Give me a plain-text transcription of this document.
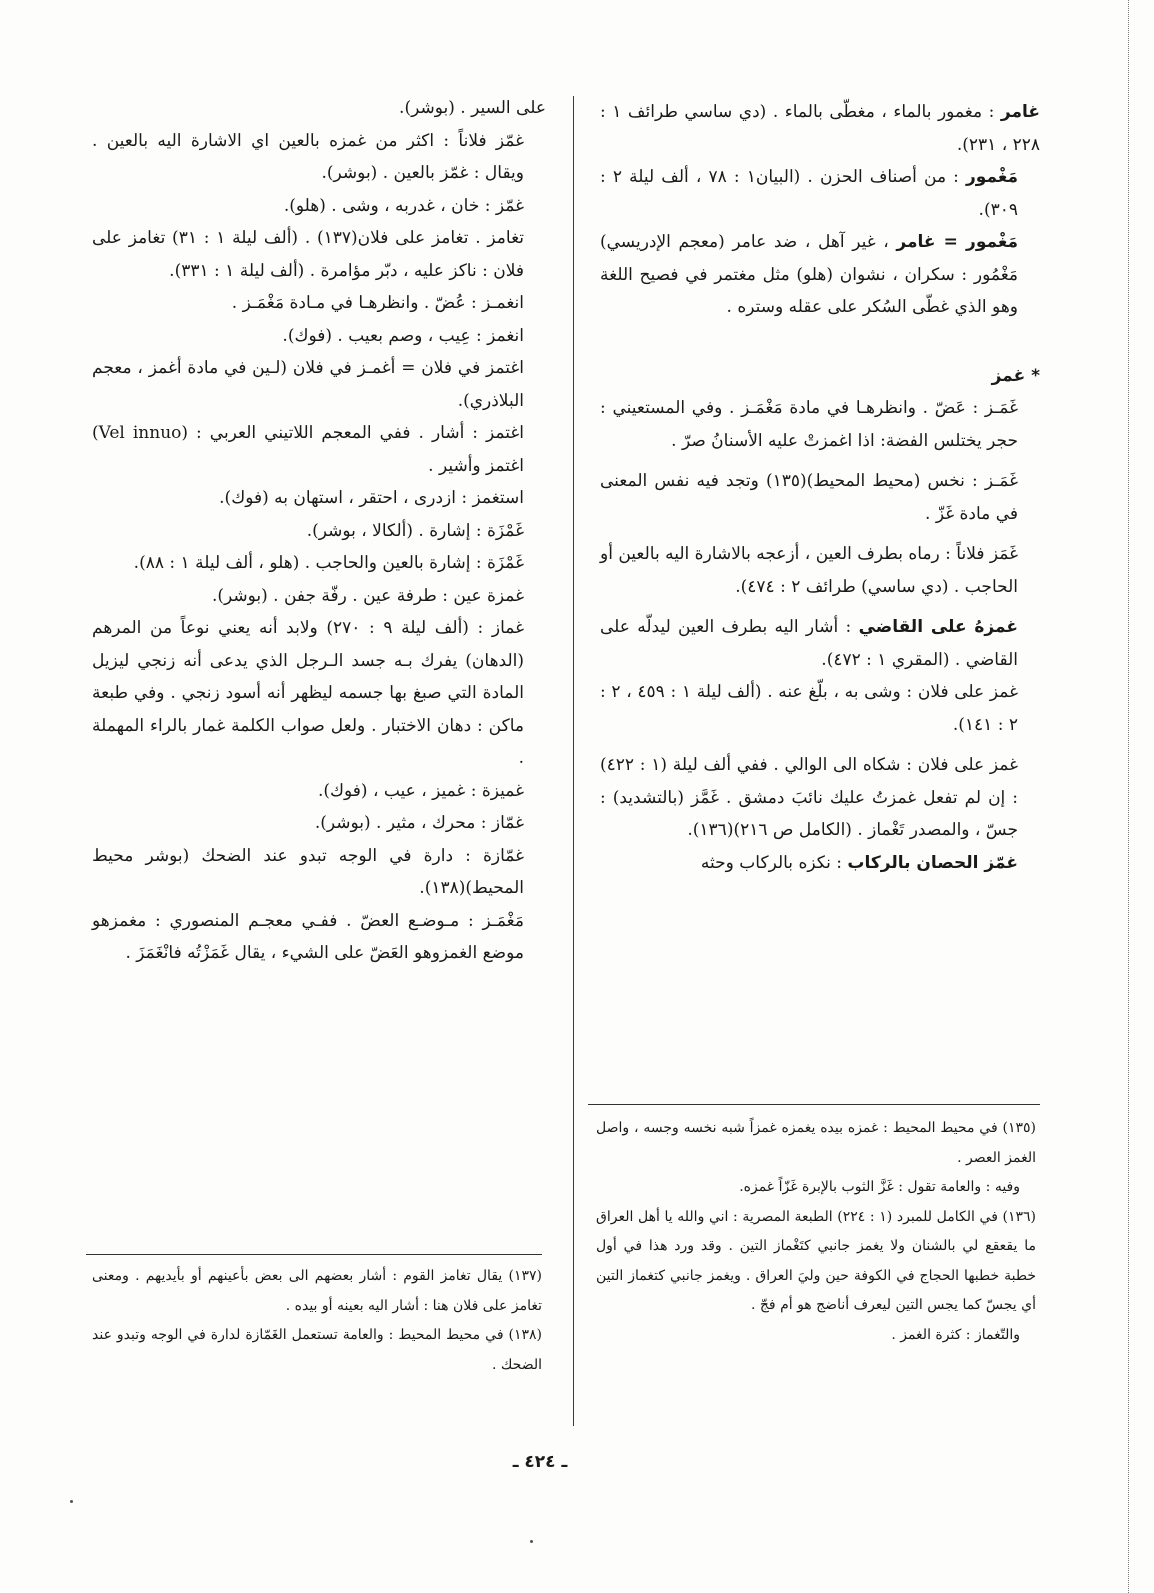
غامر : مغمور بالماء ، مغطّى بالماء . (دي ساسي طرائف ١ : ٢٢٨ ، ٢٣١).

مَغْمور : من أصناف الحزن . (البيان١ : ٧٨ ، ألف ليلة ٢ : ٣٠٩).

مَغْمور = غامر ، غير آهل ، ضد عامر (معجم الإدريسي) مَغْمُور : سكران ، نشوان (هلو) مثل مغتمر في فصيح اللغة وهو الذي غطّى السُكر على عقله وستره .

* غمز

غَمَـز : عَضّ . وانظرهـا في مادة مَغْمَـز . وفي المستعيني : حجر يختلس الفضة: اذا اغمزتْ عليه الأسنانُ صرّ .

غَمَـز : نخس (محيط المحيط)(١٣٥) وتجد فيه نفس المعنى في مادة غَزّ .

غَمَز فلاناً : رماه بطرف العين ، أزعجه بالاشارة اليه بالعين أو الحاجب . (دي ساسي) طرائف ٢ : ٤٧٤).

غمزهُ على القاضي : أشار اليه بطرف العين ليدلّه على القاضي . (المقري ١ : ٤٧٢).

غمز على فلان : وشى به ، بلّغ عنه . (ألف ليلة ١ : ٤٥٩ ، ٢ : ٢ : ١٤١).

غمز على فلان : شكاه الى الوالي . ففي ألف ليلة (١ : ٤٢٢) : إن لم تفعل غمزتُ عليك نائبَ دمشق . غَمَّز (بالتشديد) : جسّ ، والمصدر تَغْماز . (الكامل ص ٢١٦)(١٣٦).

غمّز الحصان بالركاب : نكزه بالركاب وحثه

على السير . (بوشر).

غمّز فلاناً : اكثر من غمزه بالعين اي الاشارة اليه بالعين . ويقال : غمّز بالعين . (بوشر).

غمّز : خان ، غدربه ، وشى . (هلو).

تغامز . تغامز على فلان(١٣٧) . (ألف ليلة ١ : ٣١) تغامز على فلان : ناكز عليه ، دبّر مؤامرة . (ألف ليلة ١ : ٣٣١).

انغمـز : عُضّ . وانظرهـا في مـادة مَغْمَـز .

انغمز : عِيب ، وصم بعيب . (فوك).

اغتمز في فلان = أغمـز في فلان (لـين في مادة أغمز ، معجم البلاذري).

اغتمز : أشار . ففي المعجم اللاتيني العربي : (Vel innuo) اغتمز وأشير .

استغمز : ازدرى ، احتقر ، استهان به (فوك).

غَمْزَة : إشارة . (ألكالا ، بوشر).

غَمْزَة : إشارة بالعين والحاجب . (هلو ، ألف ليلة ١ : ٨٨).

غمزة عين : طرفة عين . رفّة جفن . (بوشر).

غماز : (ألف ليلة ٩ : ٢٧٠) ولابد أنه يعني نوعاً من المرهم (الدهان) يفرك بـه جسد الـرجل الذي يدعى أنه زنجي ليزيل المادة التي صبغ بها جسمه ليظهر أنه أسود زنجي . وفي طبعة ماكن : دهان الاختبار . ولعل صواب الكلمة غمار بالراء المهملة .

غميزة : غميز ، عيب ، (فوك).

غمّاز : محرك ، مثير . (بوشر).

غمّازة : دارة في الوجه تبدو عند الضحك (بوشر محيط المحيط)(١٣٨).

مَغْمَـز : مـوضـع العضّ . ففـي معجـم المنصوري : مغمزهو موضع الغمزوهو العَضّ على الشيء ، يقال غَمَزْتُه فانْغَمَزَ .

(١٣٥) في محيط المحيط : غمزه بيده يغمزه غمزاً شبه نخسه وجسه ، واصل الغمز العصر .

وفيه : والعامة تقول : غَزَّ الثوب بالإبرة غَزّاً غمزه.

(١٣٦) في الكامل للمبرد (١ : ٢٢٤) الطبعة المصرية : اني والله يا أهل العراق ما يقعقع لي بالشنان ولا يغمز جانبي كتَغْماز التين . وقد ورد هذا في أول خطبة خطبها الحجاج في الكوفة حين وليَ العراق . ويغمز جانبي كتغماز التين أي يجسّ كما يجس التين ليعرف أناضج هو أم فجّ .

والتّغماز : كثرة الغمز .

(١٣٧) يقال تغامز القوم : أشار بعضهم الى بعض بأعينهم أو بأيديهم . ومعنى تغامز على فلان هنا : أشار اليه بعينه أو بيده .

(١٣٨) في محيط المحيط : والعامة تستعمل الغَمّازة لدارة في الوجه وتبدو عند الضحك .

ـ ٤٢٤ ـ
